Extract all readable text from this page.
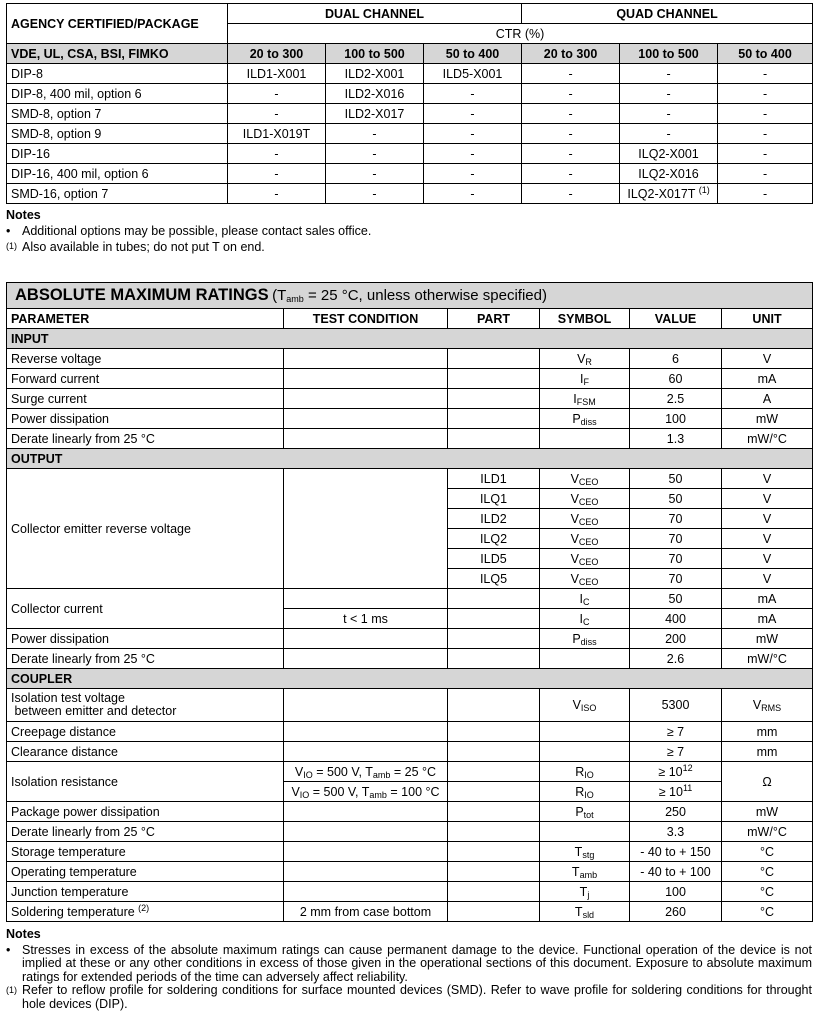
AGENCY CERTIFIED/PACKAGE	DUAL CHANNEL			QUAD CHANNEL		
	CTR (%)					
VDE, UL, CSA, BSI, FIMKO	20 to 300	100 to 500	50 to 400	20 to 300	100 to 500	50 to 400
DIP-8	ILD1-X001	ILD2-X001	ILD5-X001	-	-	-
DIP-8, 400 mil, option 6	-	ILD2-X016	-	-	-	-
SMD-8, option 7	-	ILD2-X017	-	-	-	-
SMD-8, option 9	ILD1-X019T	-	-	-	-	-
DIP-16	-	-	-	-	ILQ2-X001	-
DIP-16, 400 mil, option 6	-	-	-	-	ILQ2-X016	-
SMD-16, option 7	-	-	-	-	ILQ2-X017T $^{(1)}$	-
Notes
• Additional options may be possible, please contact sales office.
(1) Also available in tubes; do not put T on end.
ABSOLUTE MAXIMUM RATINGS ($T_{amb} = 25$ °C, unless otherwise specified)					
PARAMETER	TEST CONDITION	PART	SYMBOL	VALUE	UNIT
INPUT					
Reverse voltage			$V_R$	6	V
Forward current			$I_F$	60	mA
Surge current			$I_{FSM}$	2.5	A
Power dissipation			$P_{diss}$	100	mW
Derate linearly from 25 °C				1.3	mW/°C
OUTPUT					
Collector emitter reverse voltage		ILD1	$V_{CEO}$	50	V
		ILQ1	$V_{CEO}$	50	V
		ILD2	$V_{CEO}$	70	V
		ILQ2	$V_{CEO}$	70	V
		ILD5	$V_{CEO}$	70	V
		ILQ5	$V_{CEO}$	70	V
Collector current			$I_C$	50	mA
	t < 1 ms		$I_C$	400	mA
Power dissipation			$P_{diss}$	200	mW
Derate linearly from 25 °C				2.6	mW/°C
COUPLER					
Isolation test voltage
between emitter and detector			$V_{ISO}$	5300	$V_{RMS}$
Creepage distance				≥ 7	mm
Clearance distance				≥ 7	mm
Isolation resistance	$V_{IO} = 500$ V, $T_{amb} = 25$ °C		$R_{IO}$	≥ $10^{12}$	Ω
	$V_{IO} = 500$ V, $T_{amb} = 100$ °C		$R_{IO}$	≥ $10^{11}$
Package power dissipation			$P_{tot}$	250	mW
Derate linearly from 25 °C				3.3	mW/°C
Storage temperature			$T_{stg}$	- 40 to + 150	°C
Operating temperature			$T_{amb}$	- 40 to + 100	°C
Junction temperature			$T_j$	100	°C
Soldering temperature $^{(2)}$	2 mm from case bottom		$T_{sld}$	260	°C
Notes
• Stresses in excess of the absolute maximum ratings can cause permanent damage to the device. Functional operation of the device is not implied at these or any other conditions in excess of those given in the operational sections of this document. Exposure to absolute maximum ratings for extended periods of the time can adversely affect reliability.
(1) Refer to reflow profile for soldering conditions for surface mounted devices (SMD). Refer to wave profile for soldering conditions for throught hole devices (DIP).
